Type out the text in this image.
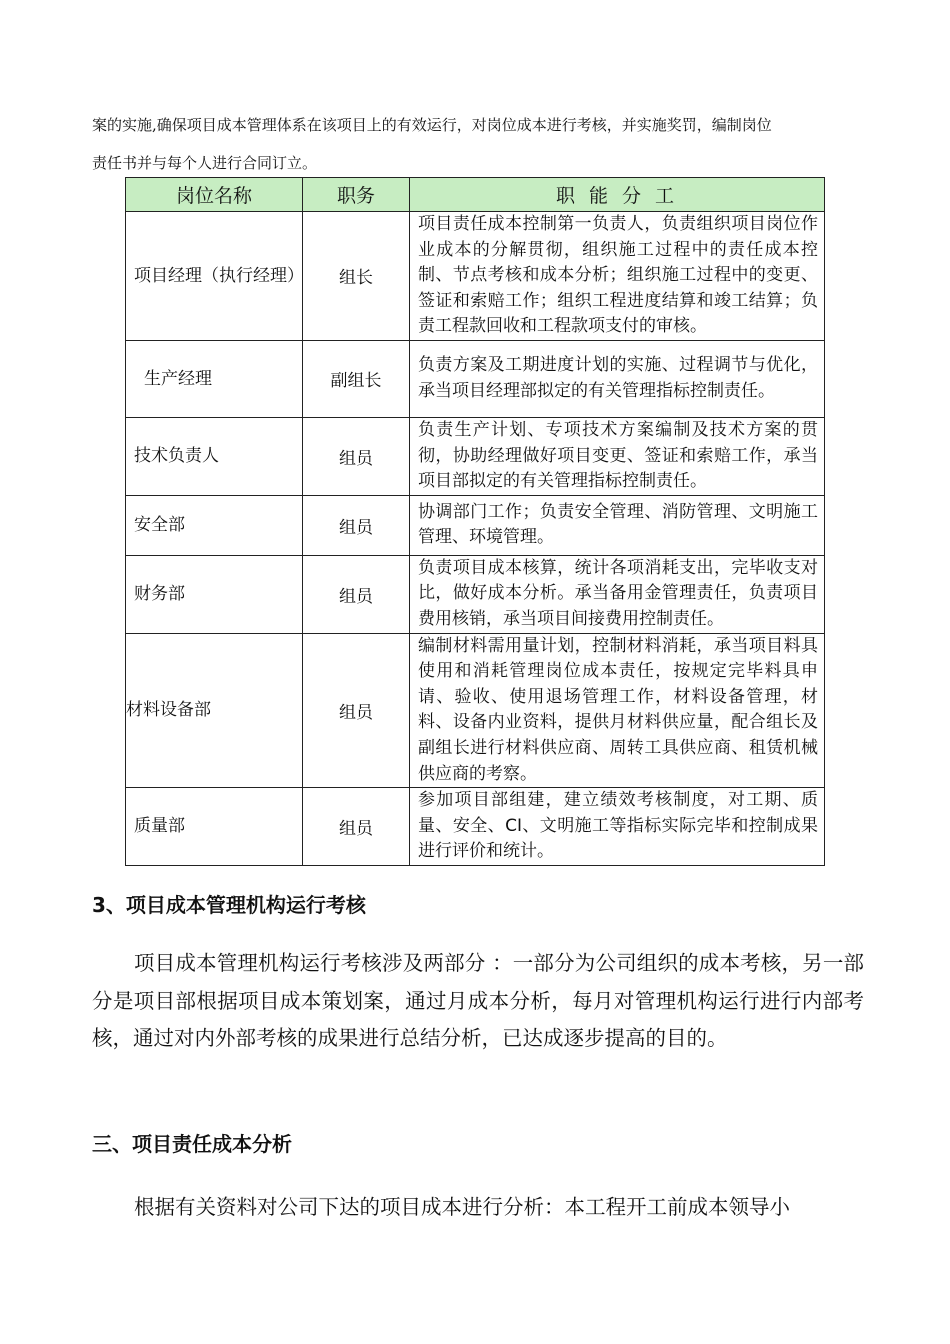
案的实施,确保项目成本管理体系在该项目上的有效运行，对岗位成本进行考核，并实施奖罚，编制岗位

责任书并与每个人进行合同订立。

岗位名称	职务	职 能 分 工
项目经理（执行经理）	组长	项目责任成本控制第一负责人，负责组织项目岗位作业成本的分解贯彻，组织施工过程中的责任成本控制、节点考核和成本分析；组织施工过程中的变更、签证和索赔工作；组织工程进度结算和竣工结算；负责工程款回收和工程款项支付的审核。
生产经理	副组长	负责方案及工期进度计划的实施、过程调节与优化，承当项目经理部拟定的有关管理指标控制责任。
技术负责人	组员	负责生产计划、专项技术方案编制及技术方案的贯彻，协助经理做好项目变更、签证和索赔工作，承当项目部拟定的有关管理指标控制责任。
安全部	组员	协调部门工作；负责安全管理、消防管理、文明施工管理、环境管理。
财务部	组员	负责项目成本核算，统计各项消耗支出，完毕收支对比，做好成本分析。承当备用金管理责任，负责项目费用核销，承当项目间接费用控制责任。
材料设备部	组员	编制材料需用量计划，控制材料消耗，承当项目料具使用和消耗管理岗位成本责任，按规定完毕料具申请、验收、使用退场管理工作，材料设备管理，材料、设备内业资料，提供月材料供应量，配合组长及副组长进行材料供应商、周转工具供应商、租赁机械供应商的考察。
质量部	组员	参加项目部组建，建立绩效考核制度，对工期、质量、安全、CI、文明施工等指标实际完毕和控制成果进行评价和统计。
3、项目成本管理机构运行考核

项目成本管理机构运行考核涉及两部分 ：一部分为公司组织的成本考核，另一部分是项目部根据项目成本策划案，通过月成本分析，每月对管理机构运行进行内部考核，通过对内外部考核的成果进行总结分析，已达成逐步提高的目的。

三、项目责任成本分析

根据有关资料对公司下达的项目成本进行分析：本工程开工前成本领导小
